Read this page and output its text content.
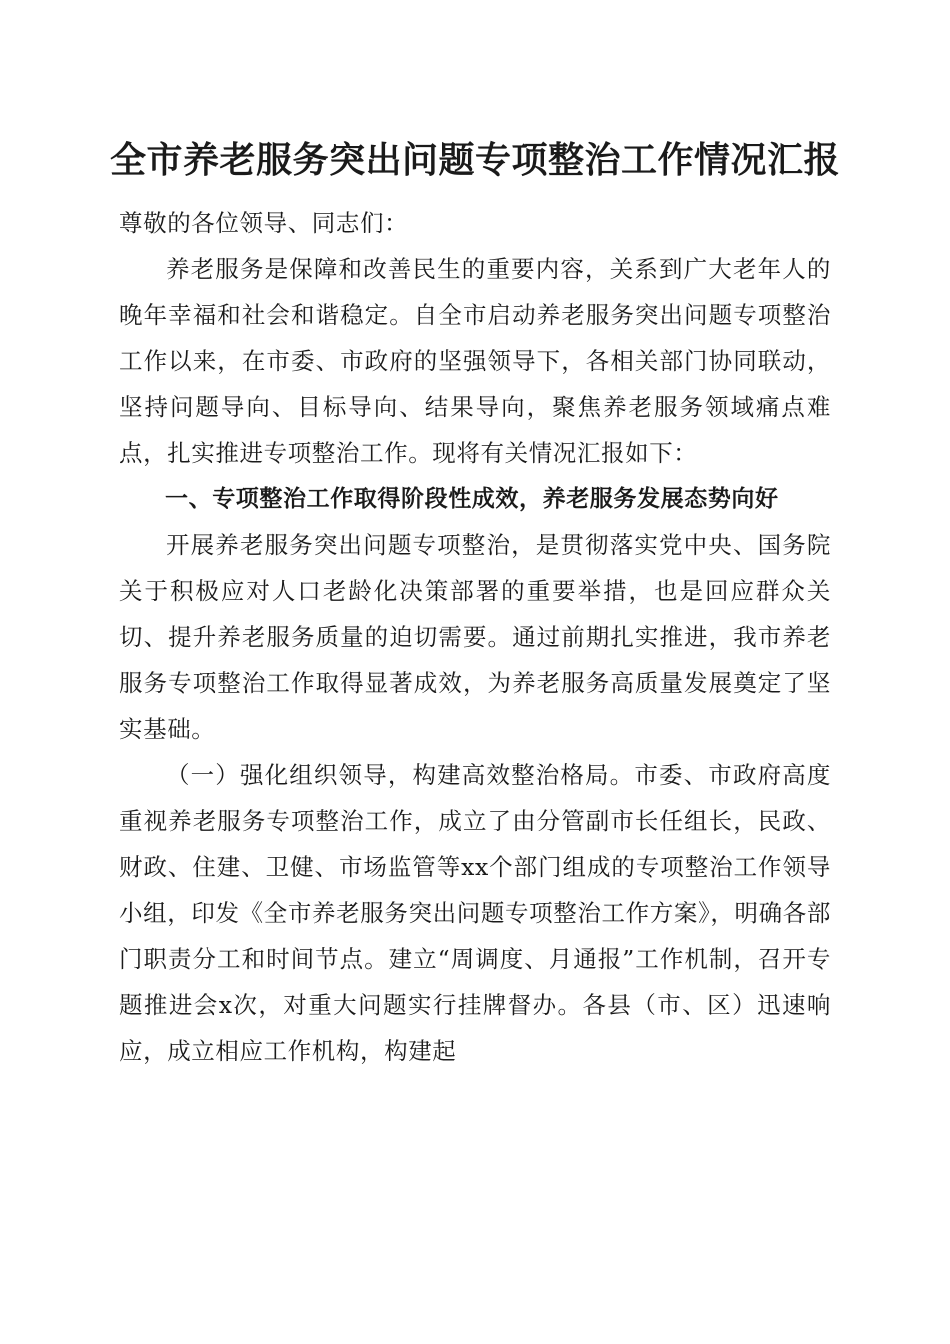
全市养老服务突出问题专项整治工作情况汇报

尊敬的各位领导、同志们：

养老服务是保障和改善民生的重要内容，关系到广大老年人的晚年幸福和社会和谐稳定。自全市启动养老服务突出问题专项整治工作以来，在市委、市政府的坚强领导下，各相关部门协同联动，坚持问题导向、目标导向、结果导向，聚焦养老服务领域痛点难点，扎实推进专项整治工作。现将有关情况汇报如下：

一、专项整治工作取得阶段性成效，养老服务发展态势向好

开展养老服务突出问题专项整治，是贯彻落实党中央、国务院关于积极应对人口老龄化决策部署的重要举措，也是回应群众关切、提升养老服务质量的迫切需要。通过前期扎实推进，我市养老服务专项整治工作取得显著成效，为养老服务高质量发展奠定了坚实基础。

（一）强化组织领导，构建高效整治格局。市委、市政府高度重视养老服务专项整治工作，成立了由分管副市长任组长，民政、财政、住建、卫健、市场监管等xx个部门组成的专项整治工作领导小组，印发《全市养老服务突出问题专项整治工作方案》，明确各部门职责分工和时间节点。建立“周调度、月通报”工作机制，召开专题推进会x次，对重大问题实行挂牌督办。各县（市、区）迅速响应，成立相应工作机构，构建起
